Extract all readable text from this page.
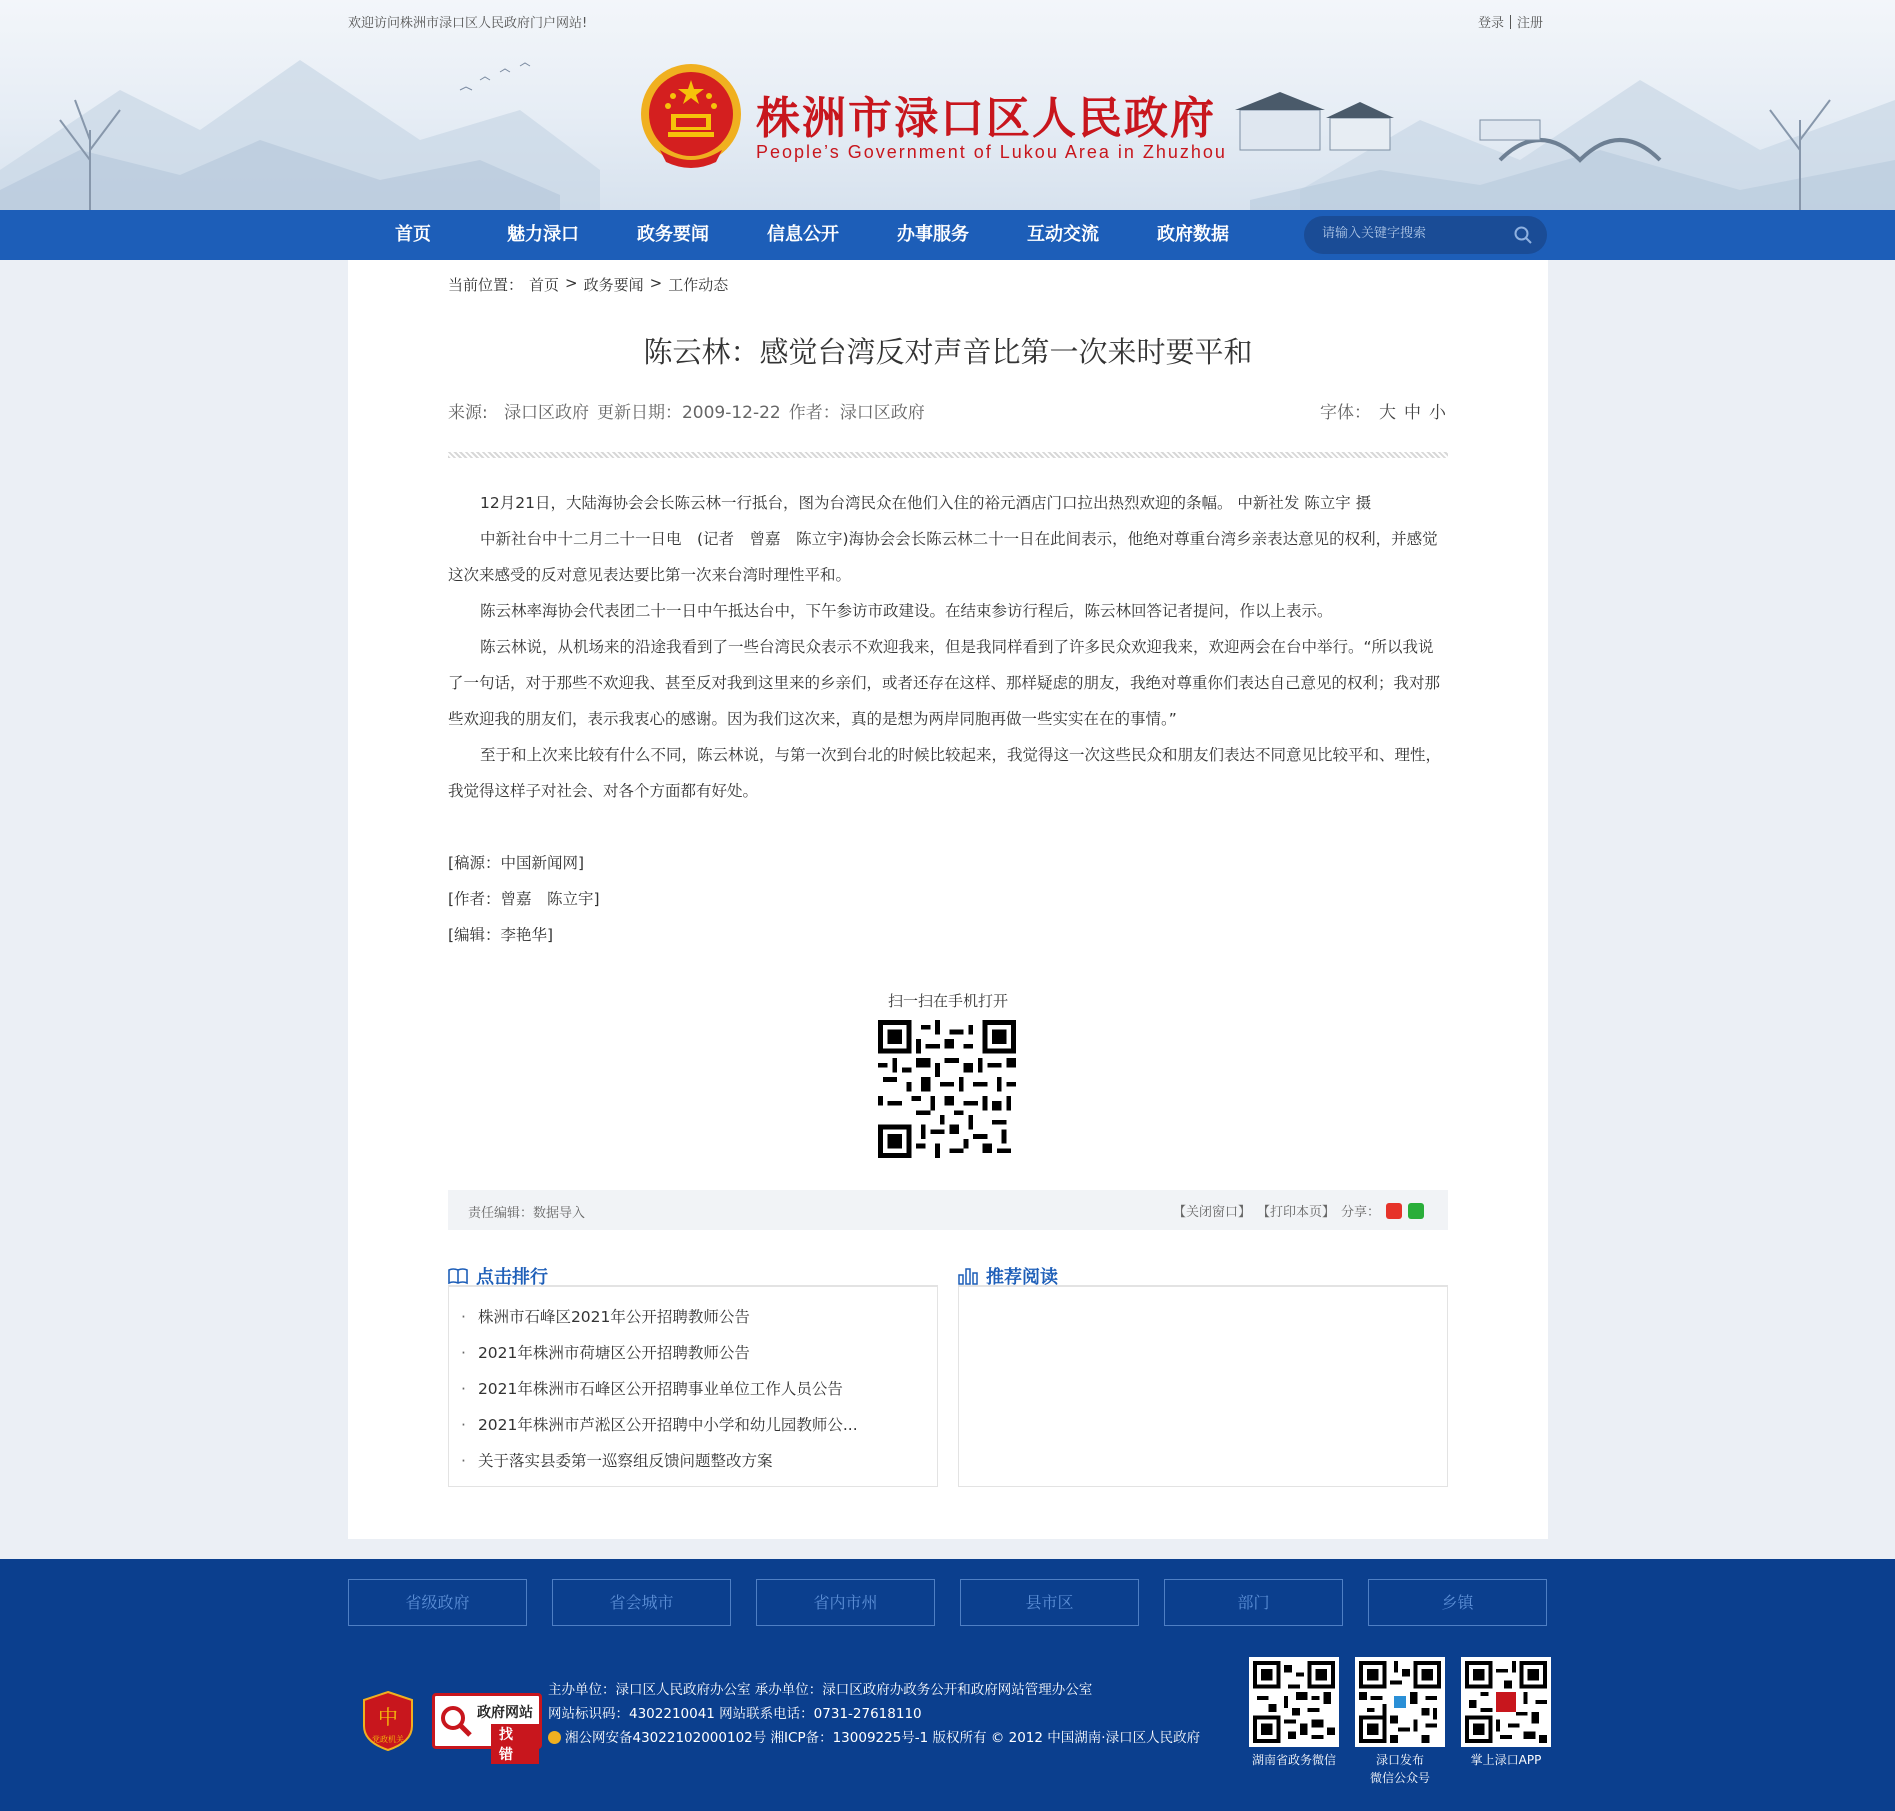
欢迎访问株洲市渌口区人民政府门户网站!	登录 注册
株洲市渌口区人民政府
People’s Government of Lukou Area in Zhuzhou
首页	魅力渌口	政务要闻	信息公开	办事服务	互动交流	政府数据
请输入关键字搜索
当前位置： 首页 > 政务要闻 > 工作动态
陈云林：感觉台湾反对声音比第一次来时要平和
来源:   渌口区政府 更新日期：2009-12-22 作者：渌口区政府	字体： 大 中 小

12月21日，大陆海协会会长陈云林一行抵台，图为台湾民众在他们入住的裕元酒店门口拉出热烈欢迎的条幅。 中新社发 陈立宇 摄

中新社台中十二月二十一日电　(记者　曾嘉　陈立宇)海协会会长陈云林二十一日在此间表示，他绝对尊重台湾乡亲表达意见的权利，并感觉这次来感受的反对意见表达要比第一次来台湾时理性平和。

陈云林率海协会代表团二十一日中午抵达台中，下午参访市政建设。在结束参访行程后，陈云林回答记者提问，作以上表示。

陈云林说，从机场来的沿途我看到了一些台湾民众表示不欢迎我来，但是我同样看到了许多民众欢迎我来，欢迎两会在台中举行。“所以我说了一句话，对于那些不欢迎我、甚至反对我到这里来的乡亲们，或者还存在这样、那样疑虑的朋友，我绝对尊重你们表达自己意见的权利；我对那些欢迎我的朋友们，表示我衷心的感谢。因为我们这次来，真的是想为两岸同胞再做一些实实在在的事情。”

至于和上次来比较有什么不同，陈云林说，与第一次到台北的时候比较起来，我觉得这一次这些民众和朋友们表达不同意见比较平和、理性，我觉得这样子对社会、对各个方面都有好处。

[稿源：中国新闻网]

[作者：曾嘉　陈立宇]

[编辑：李艳华]

扫一扫在手机打开
责任编辑：数据导入	【关闭窗口】 【打印本页】 分享：
点击排行
· 株洲市石峰区2021年公开招聘教师公告
· 2021年株洲市荷塘区公开招聘教师公告
· 2021年株洲市石峰区公开招聘事业单位工作人员公告
· 2021年株洲市芦淞区公开招聘中小学和幼儿园教师公...
· 关于落实县委第一巡察组反馈问题整改方案
推荐阅读
省级政府	省会城市	省内市州	县市区	部门	乡镇
中
党政机关
政府网站
找 错
主办单位：渌口区人民政府办公室 承办单位：渌口区政府办政务公开和政府网站管理办公室
网站标识码：4302210041 网站联系电话：0731-27618110
湘公网安备43022102000102号 湘ICP备：13009225号-1 版权所有 © 2012 中国湖南·渌口区人民政府
湖南省政务微信	渌口发布
微信公众号
掌上渌口APP
